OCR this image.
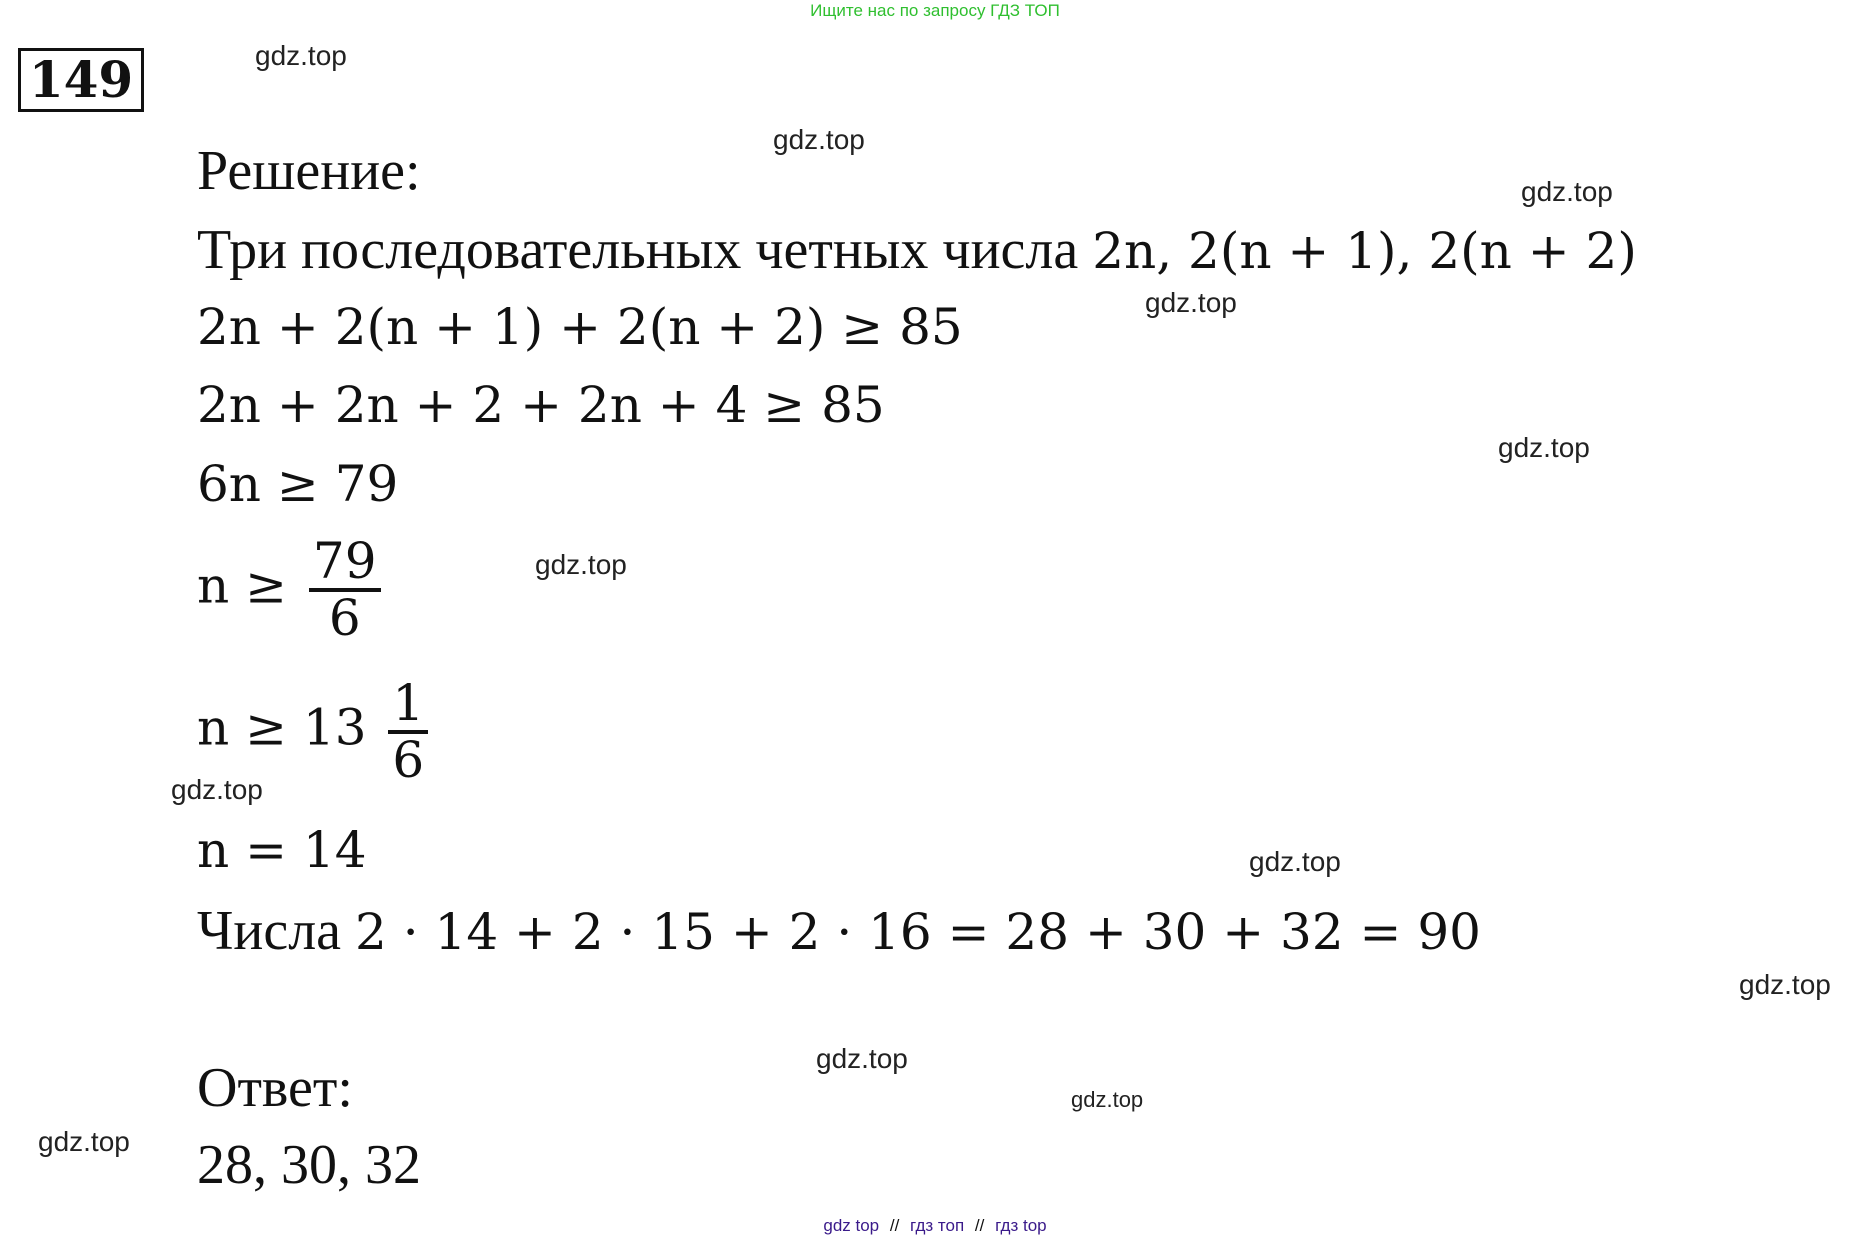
Ищите нас по запросу ГДЗ ТОП
149	gdz.top
gdz.top
gdz.top
gdz.top
gdz.top
gdz.top
gdz.top
gdz.top
gdz.top
gdz.top
gdz.top
gdz.top
Решение:
Три последовательных четных числа 2n, 2(n + 1), 2(n + 2)
2n + 2(n + 1) + 2(n + 2) ≥ 85
2n + 2n + 2 + 2n + 4 ≥ 85
6n ≥ 79
$n \ge \frac{79}{6}$
$n \ge 13 \frac{1}{6}$
n = 14
Числа 2 · 14 + 2 · 15 + 2 · 16 = 28 + 30 + 32 = 90
Ответ:
28, 30, 32
gdz top // гдз топ // гдз top
